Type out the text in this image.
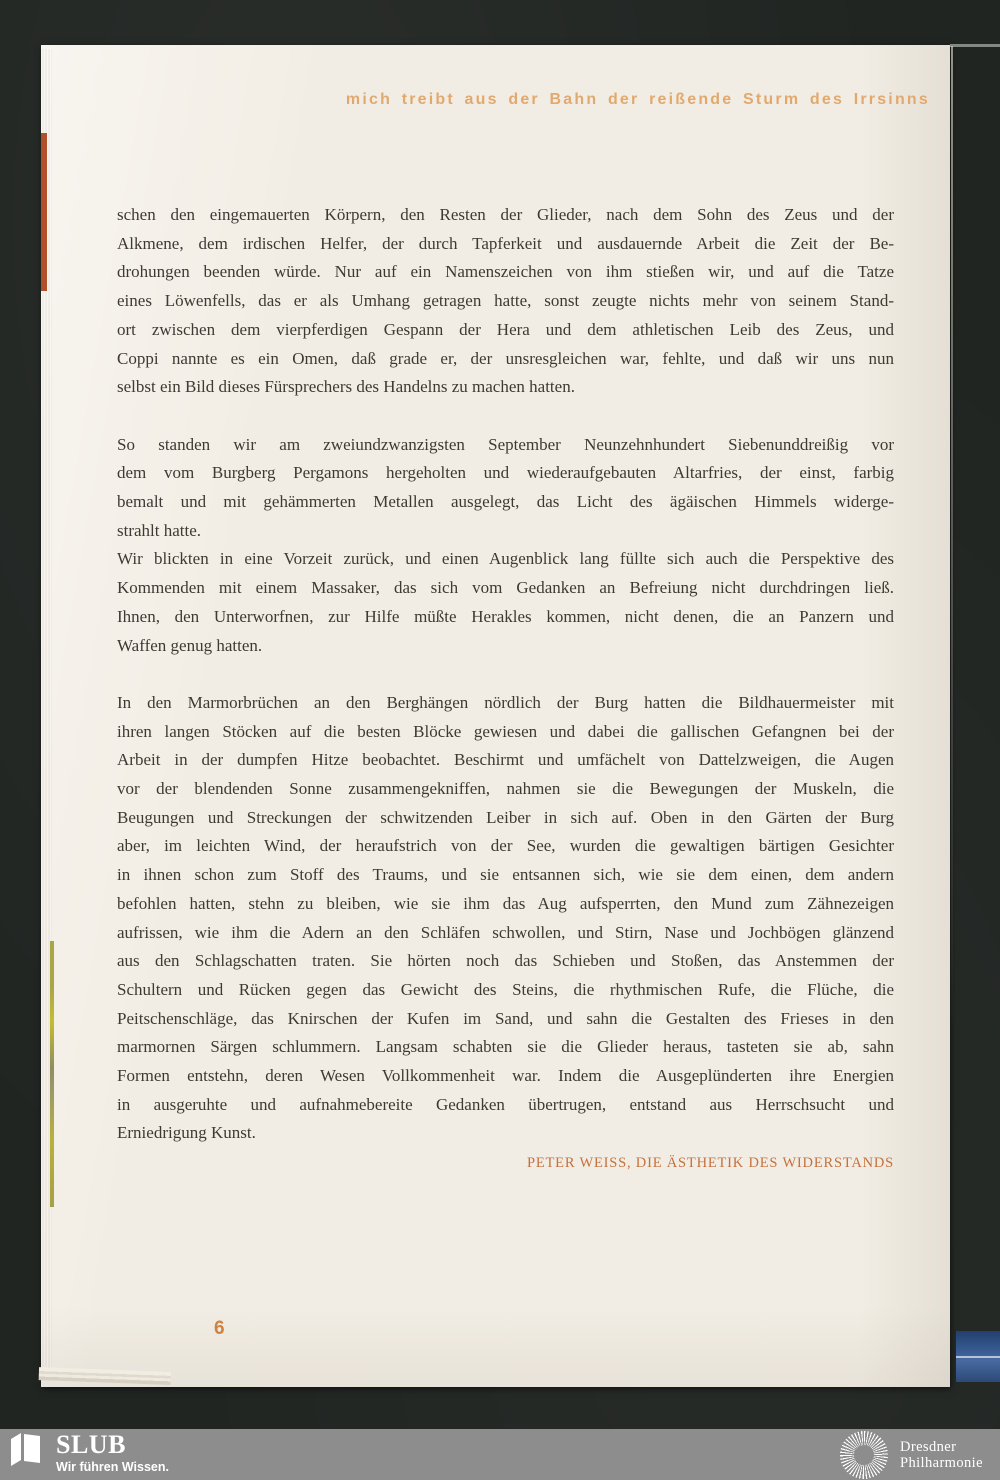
mich treibt aus der Bahn der reißende Sturm des Irrsinns
schen den eingemauerten Körpern, den Resten der Glieder, nach dem Sohn des Zeus und der
Alkmene, dem irdischen Helfer, der durch Tapferkeit und ausdauernde Arbeit die Zeit der Be-
drohungen beenden würde. Nur auf ein Namenszeichen von ihm stießen wir, und auf die Tatze
eines Löwenfells, das er als Umhang getragen hatte, sonst zeugte nichts mehr von seinem Stand-
ort zwischen dem vierpferdigen Gespann der Hera und dem athletischen Leib des Zeus, und
Coppi nannte es ein Omen, daß grade er, der unsresgleichen war, fehlte, und daß wir uns nun
selbst ein Bild dieses Fürsprechers des Handelns zu machen hatten.
So standen wir am zweiundzwanzigsten September Neunzehnhundert Siebenunddreißig vor
dem vom Burgberg Pergamons hergeholten und wiederaufgebauten Altarfries, der einst, farbig
bemalt und mit gehämmerten Metallen ausgelegt, das Licht des ägäischen Himmels widerge-
strahlt hatte.
Wir blickten in eine Vorzeit zurück, und einen Augenblick lang füllte sich auch die Perspektive des
Kommenden mit einem Massaker, das sich vom Gedanken an Befreiung nicht durchdringen ließ.
Ihnen, den Unterworfnen, zur Hilfe müßte Herakles kommen, nicht denen, die an Panzern und
Waffen genug hatten.
In den Marmorbrüchen an den Berghängen nördlich der Burg hatten die Bildhauermeister mit
ihren langen Stöcken auf die besten Blöcke gewiesen und dabei die gallischen Gefangnen bei der
Arbeit in der dumpfen Hitze beobachtet. Beschirmt und umfächelt von Dattelzweigen, die Augen
vor der blendenden Sonne zusammengekniffen, nahmen sie die Bewegungen der Muskeln, die
Beugungen und Streckungen der schwitzenden Leiber in sich auf. Oben in den Gärten der Burg
aber, im leichten Wind, der heraufstrich von der See, wurden die gewaltigen bärtigen Gesichter
in ihnen schon zum Stoff des Traums, und sie entsannen sich, wie sie dem einen, dem andern
befohlen hatten, stehn zu bleiben, wie sie ihm das Aug aufsperrten, den Mund zum Zähnezeigen
aufrissen, wie ihm die Adern an den Schläfen schwollen, und Stirn, Nase und Jochbögen glänzend
aus den Schlagschatten traten. Sie hörten noch das Schieben und Stoßen, das Anstemmen der
Schultern und Rücken gegen das Gewicht des Steins, die rhythmischen Rufe, die Flüche, die
Peitschenschläge, das Knirschen der Kufen im Sand, und sahn die Gestalten des Frieses in den
marmornen Särgen schlummern. Langsam schabten sie die Glieder heraus, tasteten sie ab, sahn
Formen entstehn, deren Wesen Vollkommenheit war. Indem die Ausgeplünderten ihre Energien
in ausgeruhte und aufnahmebereite Gedanken übertrugen, entstand aus Herrschsucht und
Erniedrigung Kunst.
PETER WEISS, DIE ÄSTHETIK DES WIDERSTANDS
6
SLUB
Wir führen Wissen.
Dresdner
Philharmonie
